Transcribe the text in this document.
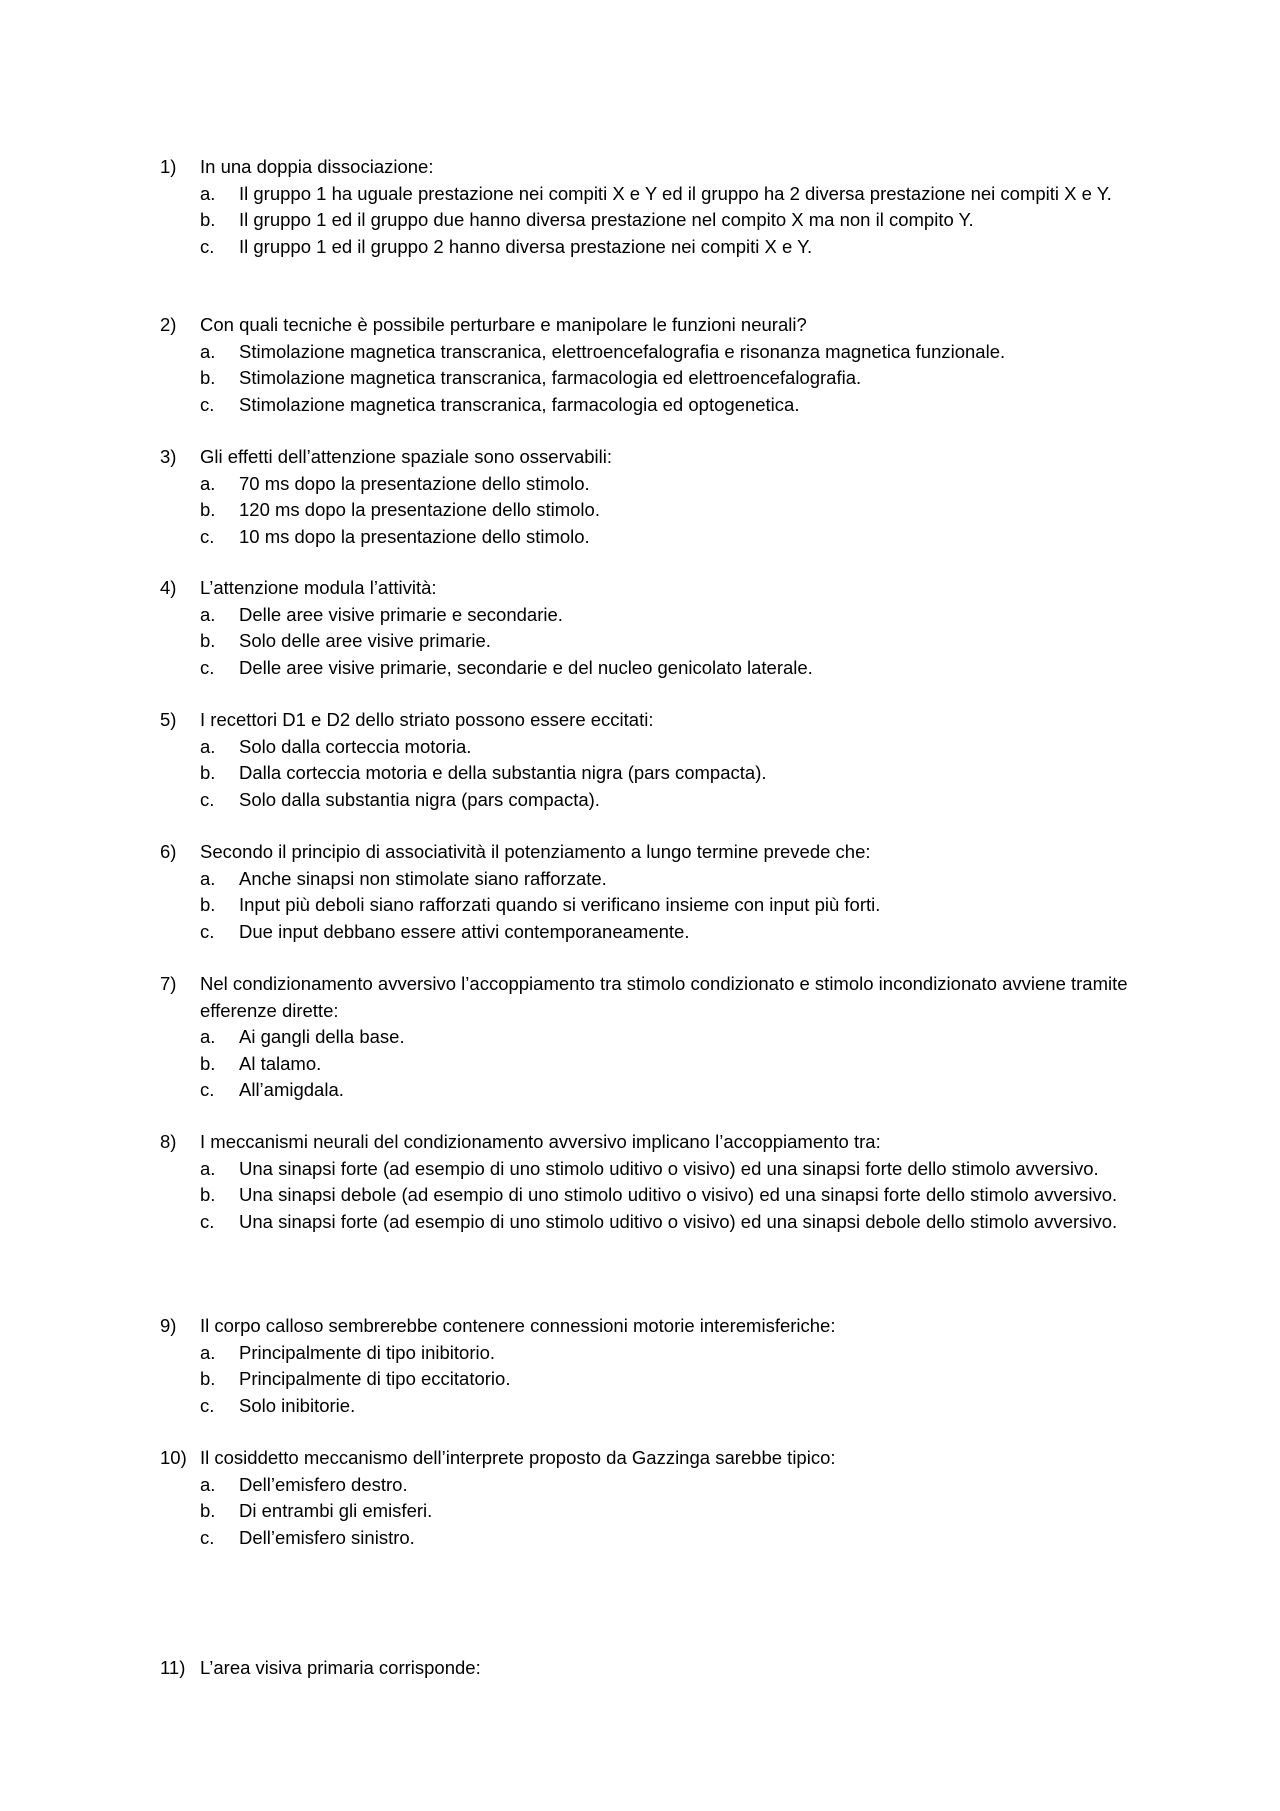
1)	In una doppia dissociazione:
a.	Il gruppo 1 ha uguale prestazione nei compiti X e Y ed il gruppo ha 2 diversa prestazione nei compiti X e Y.
b.	Il gruppo 1 ed il gruppo due hanno diversa prestazione nel compito X ma non il compito Y.
c.	Il gruppo 1 ed il gruppo 2 hanno diversa prestazione nei compiti X e Y.
2)	Con quali tecniche è possibile perturbare e manipolare le funzioni neurali?
a.	Stimolazione magnetica transcranica, elettroencefalografia e risonanza magnetica funzionale.
b.	Stimolazione magnetica transcranica, farmacologia ed elettroencefalografia.
c.	Stimolazione magnetica transcranica, farmacologia ed optogenetica.
3)	Gli effetti dell’attenzione spaziale sono osservabili:
a.	70 ms dopo la presentazione dello stimolo.
b.	120 ms dopo la presentazione dello stimolo.
c.	10 ms dopo la presentazione dello stimolo.
4)	L’attenzione modula l’attività:
a.	Delle aree visive primarie e secondarie.
b.	Solo delle aree visive primarie.
c.	Delle aree visive primarie, secondarie e del nucleo genicolato laterale.
5)	I recettori D1 e D2 dello striato possono essere eccitati:
a.	Solo dalla corteccia motoria.
b.	Dalla corteccia motoria e della substantia nigra (pars compacta).
c.	Solo dalla substantia nigra (pars compacta).
6)	Secondo il principio di associatività il potenziamento a lungo termine prevede che:
a.	Anche sinapsi non stimolate siano rafforzate.
b.	Input più deboli siano rafforzati quando si verificano insieme con input più forti.
c.	Due input debbano essere attivi contemporaneamente.
7)	Nel condizionamento avversivo l’accoppiamento tra stimolo condizionato e stimolo incondizionato avviene tramite efferenze dirette:
a.	Ai gangli della base.
b.	Al talamo.
c.	All’amigdala.
8)	I meccanismi neurali del condizionamento avversivo implicano l’accoppiamento tra:
a.	Una sinapsi forte (ad esempio di uno stimolo uditivo o visivo) ed una sinapsi forte dello stimolo avversivo.
b.	Una sinapsi debole (ad esempio di uno stimolo uditivo o visivo) ed una sinapsi forte dello stimolo avversivo.
c.	Una sinapsi forte (ad esempio di uno stimolo uditivo o visivo) ed una sinapsi debole dello stimolo avversivo.
9)	Il corpo calloso sembrerebbe contenere connessioni motorie interemisferiche:
a.	Principalmente di tipo inibitorio.
b.	Principalmente di tipo eccitatorio.
c.	Solo inibitorie.
10) Il cosiddetto meccanismo dell’interprete proposto da Gazzinga sarebbe tipico:
a.	Dell’emisfero destro.
b.	Di entrambi gli emisferi.
c.	Dell’emisfero sinistro.
11) L’area visiva primaria corrisponde:
